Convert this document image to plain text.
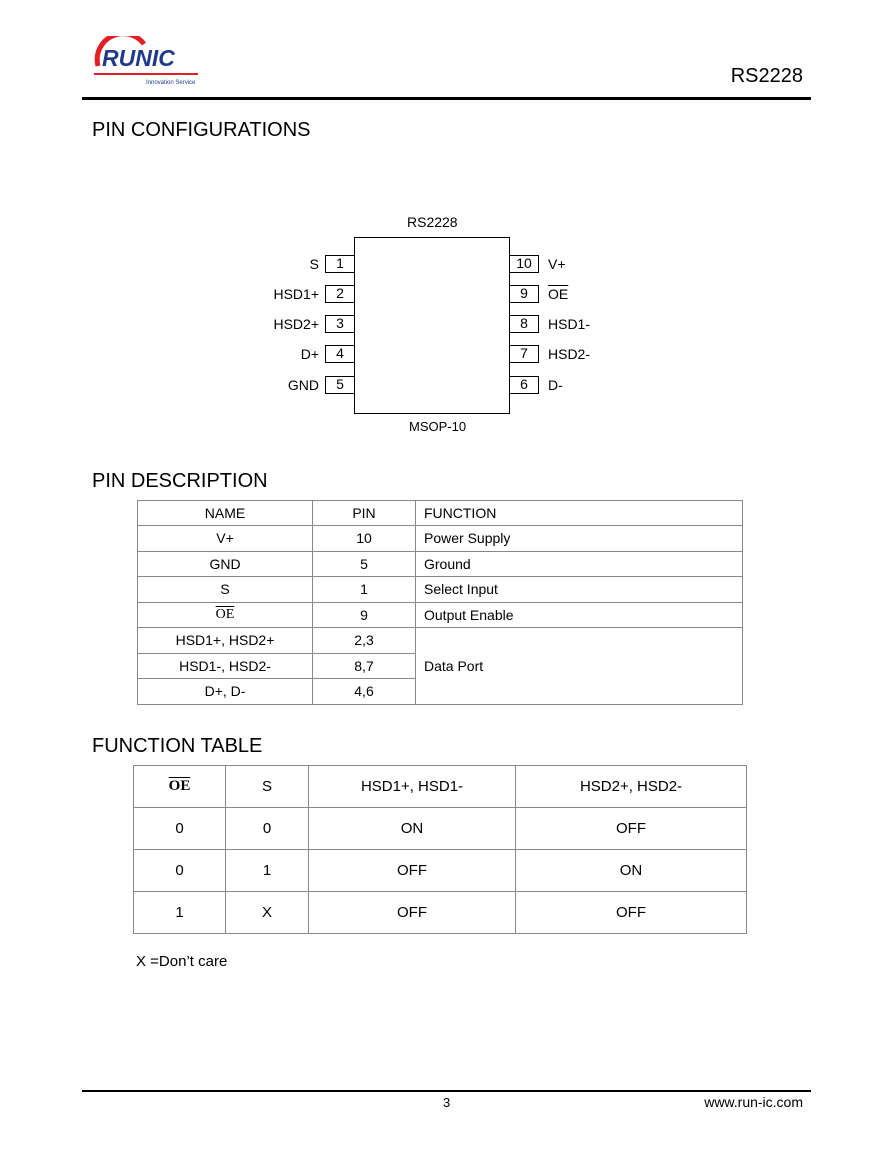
RUNIC
Innovation Service	RS2228
PIN CONFIGURATIONS
RS2228
MSOP-10
1
S
2
HSD1+
3
HSD2+
4
D+
5
GND
10	V+
9	$\overline{OE}$
8	HSD1-
7	HSD2-
6	D-
PIN DESCRIPTION
NAME	PIN	FUNCTION
V+	10	Power Supply
GND	5	Ground
S	1	Select Input
$\overline{OE}$	9	Output Enable
HSD1+, HSD2+	2,3	Data Port
HSD1-, HSD2-	8,7	
D+, D-	4,6	
FUNCTION TABLE
$\overline{OE}$	S	HSD1+, HSD1-	HSD2+, HSD2-
0	0	ON	OFF
0	1	OFF	ON
1	X	OFF	OFF
X =Don’t care
3	www.run-ic.com
